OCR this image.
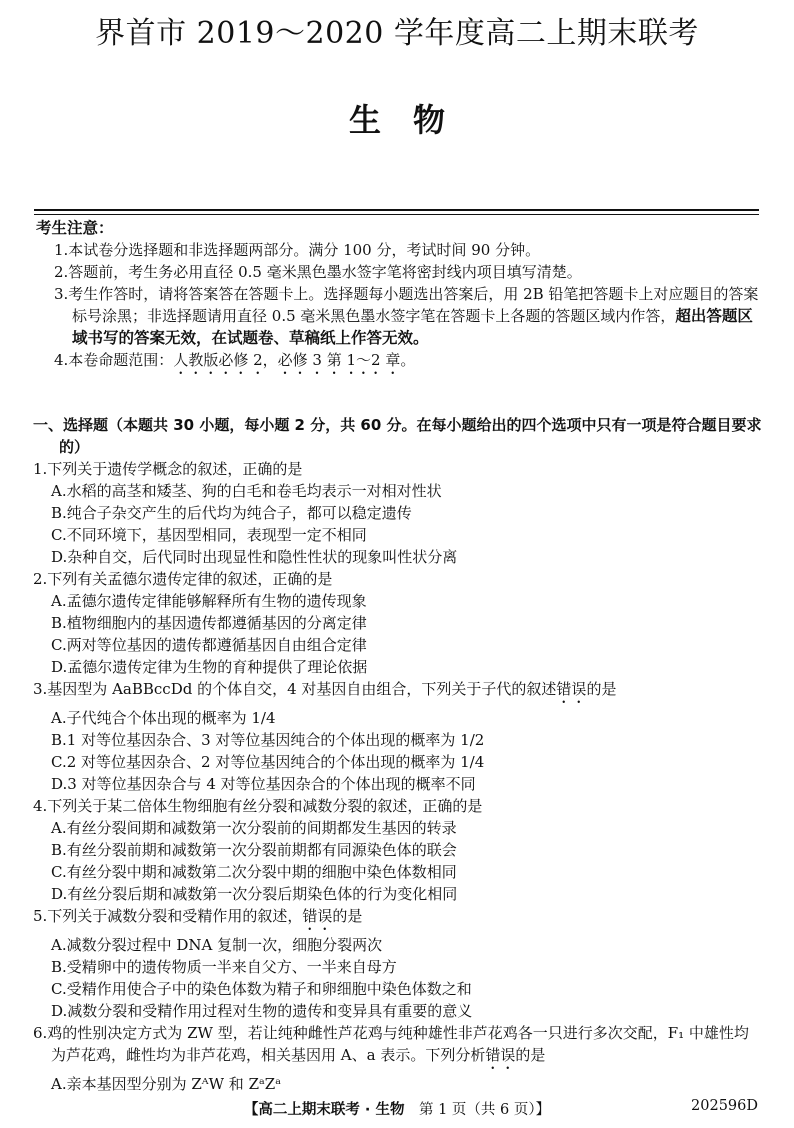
界首市 2019～2020 学年度高二上期末联考
生　物
考生注意：
1.本试卷分选择题和非选择题两部分。满分 100 分，考试时间 90 分钟。
2.答题前，考生务必用直径 0.5 毫米黑色墨水签字笔将密封线内项目填写清楚。
3.考生作答时，请将答案答在答题卡上。选择题每小题选出答案后，用 2B 铅笔把答题卡上对应题目的答案标号涂黑；非选择题请用直径 0.5 毫米黑色墨水签字笔在答题卡上各题的答题区域内作答，超出答题区域书写的答案无效，在试题卷、草稿纸上作答无效。
4.本卷命题范围：人教版必修 2，必修 3 第 1～2 章。
一、选择题（本题共 30 小题，每小题 2 分，共 60 分。在每小题给出的四个选项中只有一项是符合题目要求的）
1.下列关于遗传学概念的叙述，正确的是
A.水稻的高茎和矮茎、狗的白毛和卷毛均表示一对相对性状
B.纯合子杂交产生的后代均为纯合子，都可以稳定遗传
C.不同环境下，基因型相同，表现型一定不相同
D.杂种自交，后代同时出现显性和隐性性状的现象叫性状分离
2.下列有关孟德尔遗传定律的叙述，正确的是
A.孟德尔遗传定律能够解释所有生物的遗传现象
B.植物细胞内的基因遗传都遵循基因的分离定律
C.两对等位基因的遗传都遵循基因自由组合定律
D.孟德尔遗传定律为生物的育种提供了理论依据
3.基因型为 AaBBccDd 的个体自交，4 对基因自由组合，下列关于子代的叙述错误的是
A.子代纯合个体出现的概率为 1/4
B.1 对等位基因杂合、3 对等位基因纯合的个体出现的概率为 1/2
C.2 对等位基因杂合、2 对等位基因纯合的个体出现的概率为 1/4
D.3 对等位基因杂合与 4 对等位基因杂合的个体出现的概率不同
4.下列关于某二倍体生物细胞有丝分裂和减数分裂的叙述，正确的是
A.有丝分裂间期和减数第一次分裂前的间期都发生基因的转录
B.有丝分裂前期和减数第一次分裂前期都有同源染色体的联会
C.有丝分裂中期和减数第二次分裂中期的细胞中染色体数相同
D.有丝分裂后期和减数第一次分裂后期染色体的行为变化相同
5.下列关于减数分裂和受精作用的叙述，错误的是
A.减数分裂过程中 DNA 复制一次，细胞分裂两次
B.受精卵中的遗传物质一半来自父方、一半来自母方
C.受精作用使合子中的染色体数为精子和卵细胞中染色体数之和
D.减数分裂和受精作用过程对生物的遗传和变异具有重要的意义
6.鸡的性别决定方式为 ZW 型，若让纯种雌性芦花鸡与纯种雄性非芦花鸡各一只进行多次交配，F₁ 中雄性均为芦花鸡，雌性均为非芦花鸡，相关基因用 A、a 表示。下列分析错误的是
A.亲本基因型分别为 ZᴬW 和 ZᵃZᵃ
【高二上期末联考 · 生物　第 1 页（共 6 页）】	202596D
